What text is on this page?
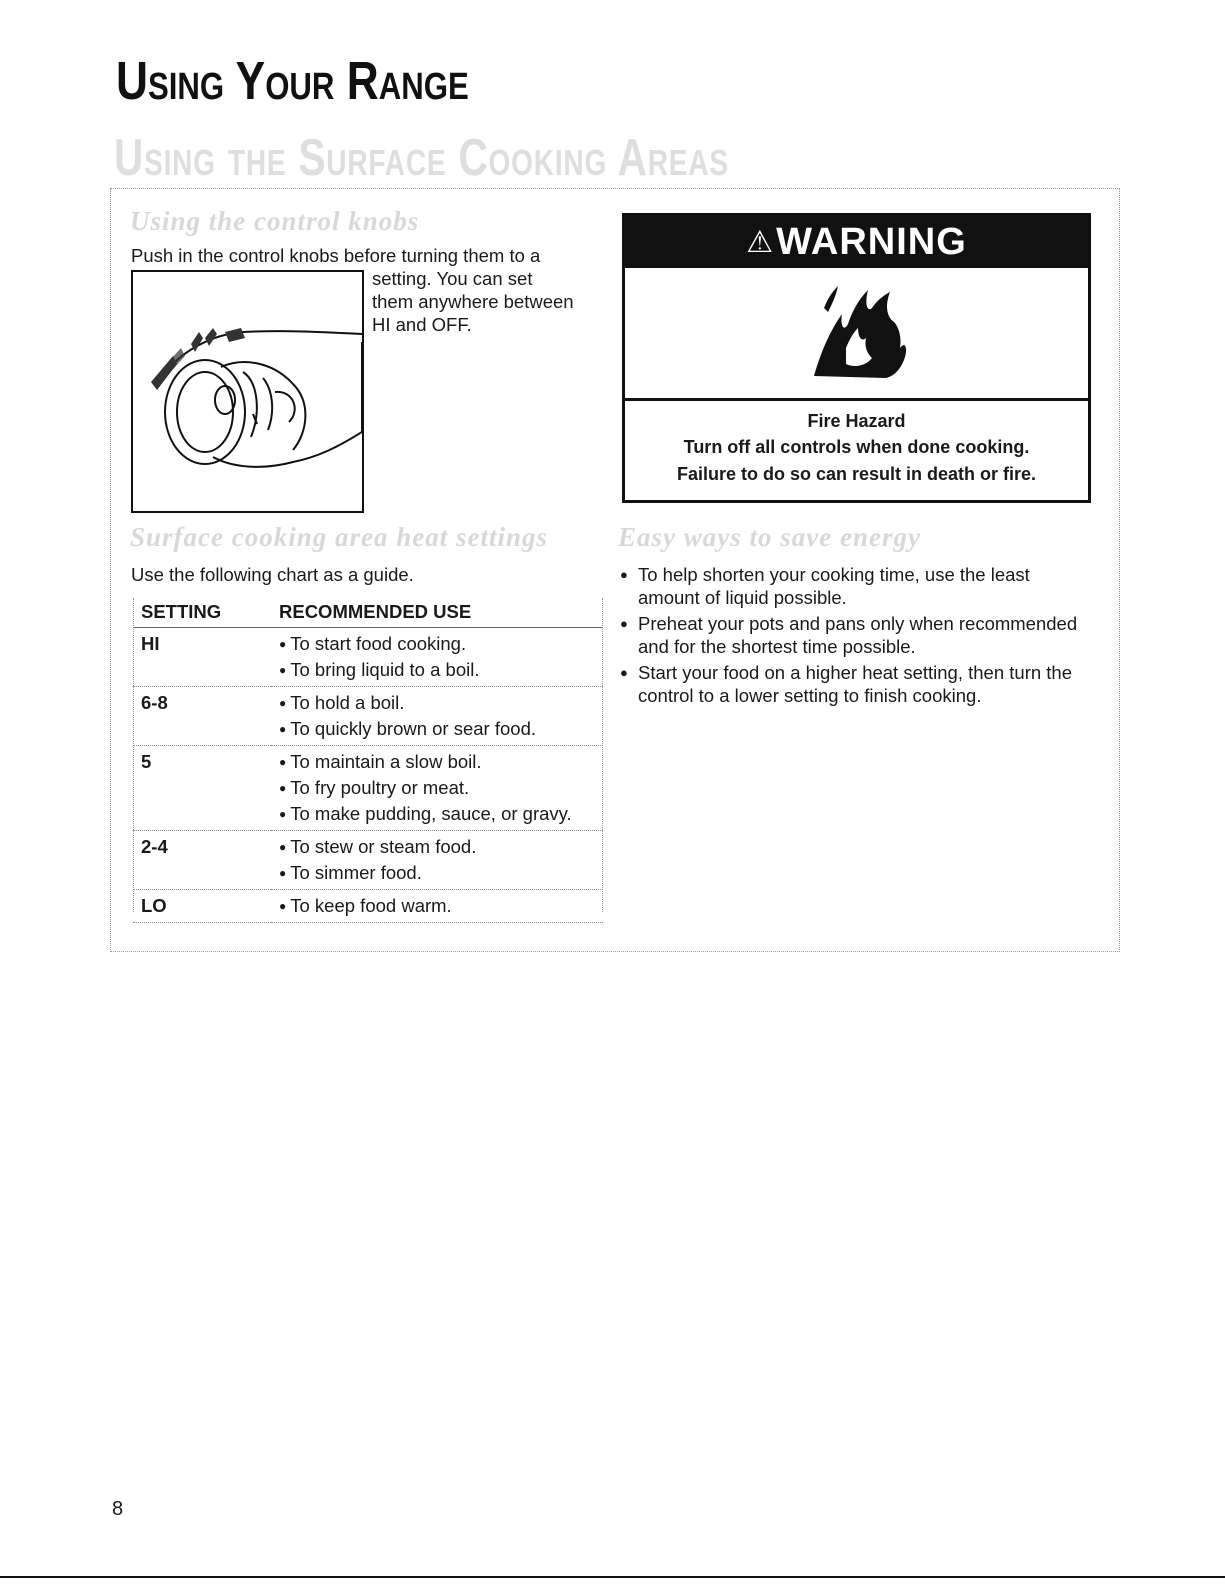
Using Your Range
Using the Surface Cooking Areas
Using the control knobs

Push in the control knobs before turning them to a

setting. You can set

them anywhere between

HI and OFF.

⚠ WARNING
Fire Hazard
Turn off all controls when done cooking.
Failure to do so can result in death or fire.
Surface cooking area heat settings

Use the following chart as a guide.

SETTING	RECOMMENDED USE
HI	● To start food cooking.
● To bring liquid to a boil.

6-8	● To hold a boil.
● To quickly brown or sear food.

5	● To maintain a slow boil.
● To fry poultry or meat.
● To make pudding, sauce, or gravy.

2-4	● To stew or steam food.
● To simmer food.

LO	● To keep food warm.
Easy ways to save energy
● To help shorten your cooking time, use the least amount of liquid possible.
● Preheat your pots and pans only when recommended and for the shortest time possible.
● Start your food on a higher heat setting, then turn the control to a lower setting to finish cooking.

8
